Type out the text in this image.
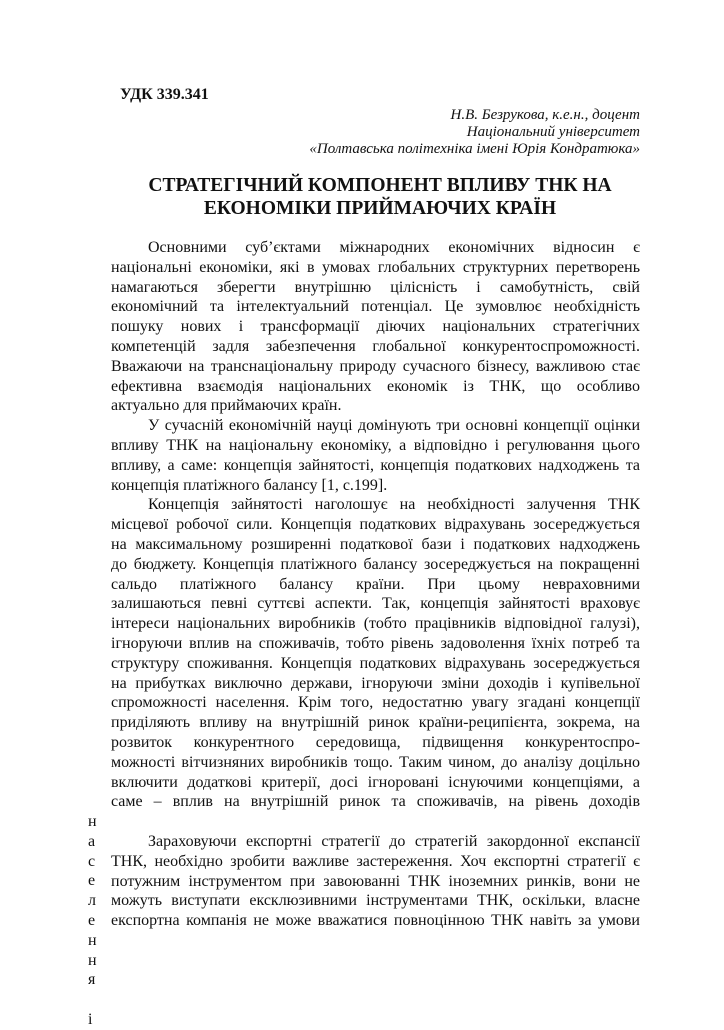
УДК 339.341
Н.В. Безрукова, к.е.н., доцент
Національний університет
«Полтавська політехніка імені Юрія Кондратюка»
СТРАТЕГІЧНИЙ КОМПОНЕНТ ВПЛИВУ ТНК НА
ЕКОНОМІКИ ПРИЙМАЮЧИХ КРАЇН
Основними суб’єктами міжнародних економічних відносин є
національні економіки, які в умовах глобальних структурних перетворень
намагаються зберегти внутрішню цілісність і самобутність, свій
економічний та інтелектуальний потенціал. Це зумовлює необхідність
пошуку нових і трансформації діючих національних стратегічних
компетенцій задля забезпечення глобальної конкурентоспроможності.
Вважаючи на транснаціональну природу сучасного бізнесу, важливою стає
ефективна взаємодія національних економік із ТНК, що особливо
актуально для приймаючих країн.
У сучасній економічній науці домінують три основні концепції оцінки
впливу ТНК на національну економіку, а відповідно і регулювання цього
впливу, а саме: концепція зайнятості, концепція податкових надходжень та
концепція платіжного балансу [1, с.199].
Концепція зайнятості наголошує на необхідності залучення ТНК
місцевої робочої сили. Концепція податкових відрахувань зосереджується
на максимальному розширенні податкової бази і податкових надходжень
до бюджету. Концепція платіжного балансу зосереджується на покращенні
сальдо платіжного балансу країни. При цьому невраховними
залишаються певні суттєві аспекти. Так, концепція зайнятості враховує
інтереси національних виробників (тобто працівників відповідної галузі),
ігноруючи вплив на споживачів, тобто рівень задоволення їхніх потреб та
структуру споживання. Концепція податкових відрахувань зосереджується
на прибутках виключно держави, ігноруючи зміни доходів і купівельної
спроможності населення. Крім того, недостатню увагу згадані концепції
приділяють впливу на внутрішній ринок країни-реципієнта, зокрема, на
розвиток конкурентного середовища, підвищення конкурентоспро-
можності вітчизняних виробників тощо. Таким чином, до аналізу доцільно
включити додаткові критерії, досі ігноровані існуючими концепціями, а
саме – вплив на внутрішній ринок та споживачів, на рівень доходів
Зараховуючи експортні стратегії до стратегій закордонної експансії
ТНК, необхідно зробити важливе застереження. Хоч експортні стратегії є
потужним інструментом при завоюванні ТНК іноземних ринків, вони не
можуть виступати ексклюзивними інструментами ТНК, оскільки, власне
експортна компанія не може вважатися повноцінною ТНК навіть за умови
н
а
с
е
л
е
н
н
я
і
